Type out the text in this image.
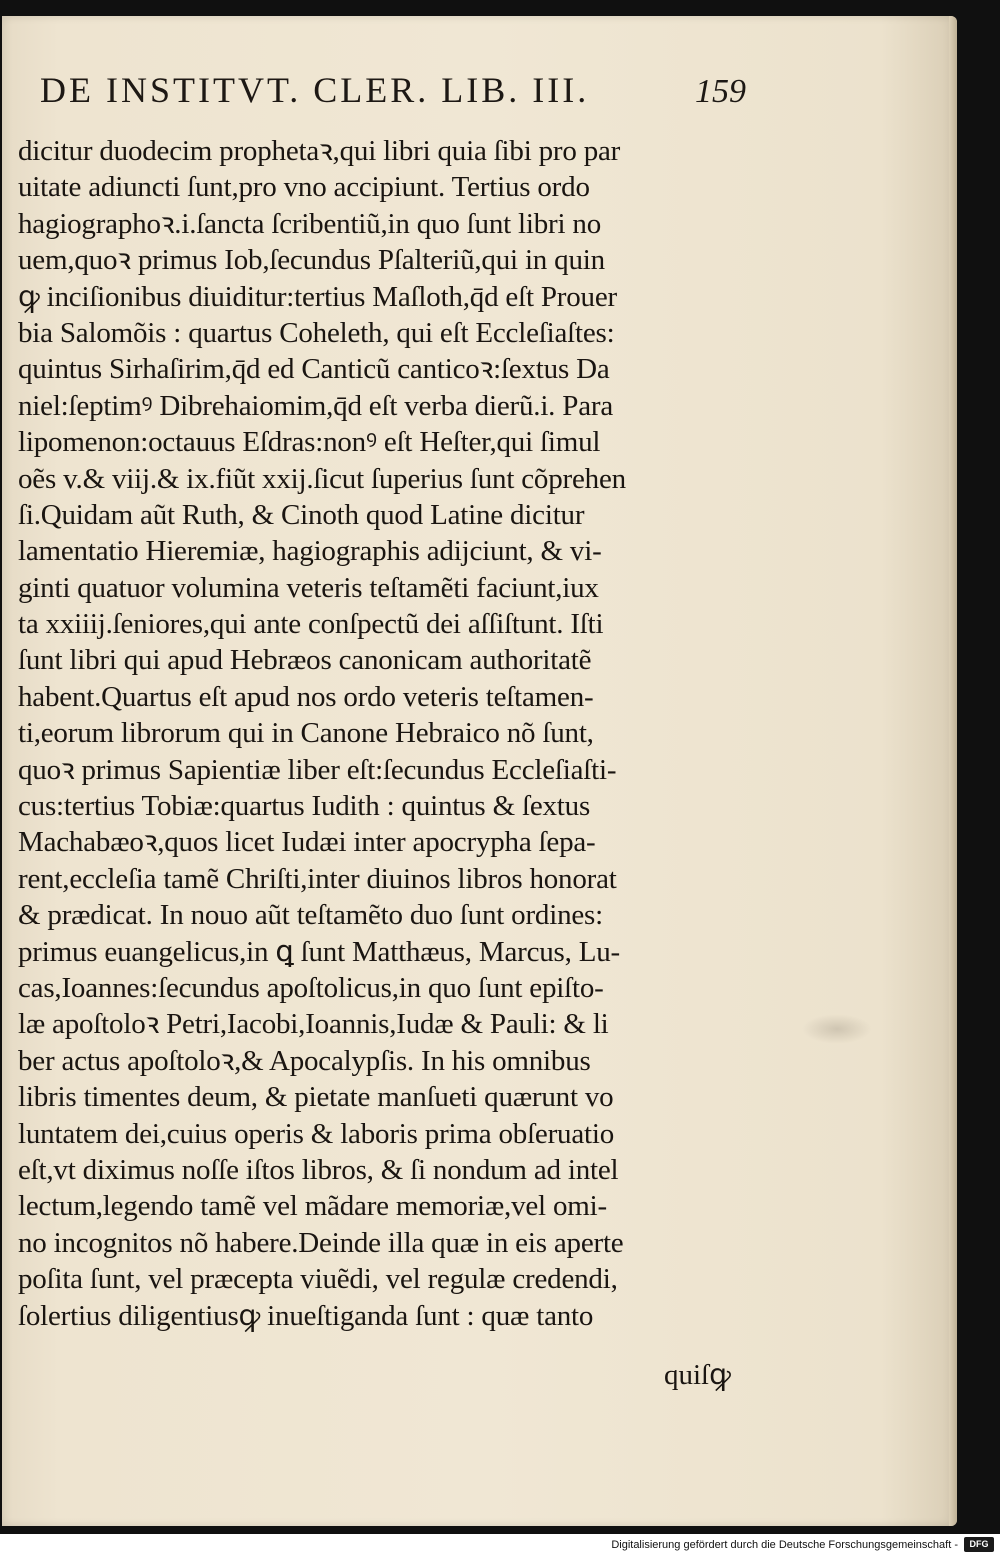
DE INSTITVT. CLER. LIB. III.	159
dicitur duodecim prophetaꝛ,qui libri quia ſibi pro par
uitate adiuncti ſunt,pro vno accipiunt. Tertius ordo
hagiographoꝛ.i.ſancta ſcribentiũ,in quo ſunt libri no
uem,quoꝛ primus Iob,ſecundus Pſalteriũ,qui in quin
ꝙ inciſionibus diuiditur:tertius Maſloth,q̄d eſt Prouer
bia Salomõis : quartus Coheleth, qui eſt Eccleſiaſtes:
quintus Sirhaſirim,q̄d ed Canticũ canticoꝛ:ſextus Da
niel:ſeptimꝰ Dibrehaiomim,q̄d eſt verba dierũ.i. Para
lipomenon:octauus Eſdras:nonꝰ eſt Heſter,qui ſimul
oẽs v.& viij.& ix.fiũt xxij.ſicut ſuperius ſunt cõprehen
ſi.Quidam aũt Ruth, & Cinoth quod Latine dicitur
lamentatio Hieremiæ, hagiographis adijciunt, & vi-
ginti quatuor volumina veteris teſtamẽti faciunt,iux
ta xxiiij.ſeniores,qui ante conſpectũ dei aſſiſtunt. Iſti
ſunt libri qui apud Hebræos canonicam authoritatẽ
habent.Quartus eſt apud nos ordo veteris teſtamen-
ti,eorum librorum qui in Canone Hebraico nõ ſunt,
quoꝛ primus Sapientiæ liber eſt:ſecundus Eccleſiaſti-
cus:tertius Tobiæ:quartus Iudith : quintus & ſextus
Machabæoꝛ,quos licet Iudæi inter apocrypha ſepa-
rent,eccleſia tamẽ Chriſti,inter diuinos libros honorat
& prædicat. In nouo aũt teſtamẽto duo ſunt ordines:
primus euangelicus,in ꝗ ſunt Matthæus, Marcus, Lu-
cas,Ioannes:ſecundus apoſtolicus,in quo ſunt epiſto-
læ apoſtoloꝛ Petri,Iacobi,Ioannis,Iudæ & Pauli: & li
ber actus apoſtoloꝛ,& Apocalypſis. In his omnibus
libris timentes deum, & pietate manſueti quærunt vo
luntatem dei,cuius operis & laboris prima obſeruatio
eſt,vt diximus noſſe iſtos libros, & ſi nondum ad intel
lectum,legendo tamẽ vel mãdare memoriæ,vel omi-
no incognitos nõ habere.Deinde illa quæ in eis aperte
poſita ſunt, vel præcepta viuẽdi, vel regulæ credendi,
ſolertius diligentiusꝙ inueſtiganda ſunt : quæ tanto
quiſꝙ
Digitalisierung gefördert durch die Deutsche Forschungsgemeinschaft -	DFG
